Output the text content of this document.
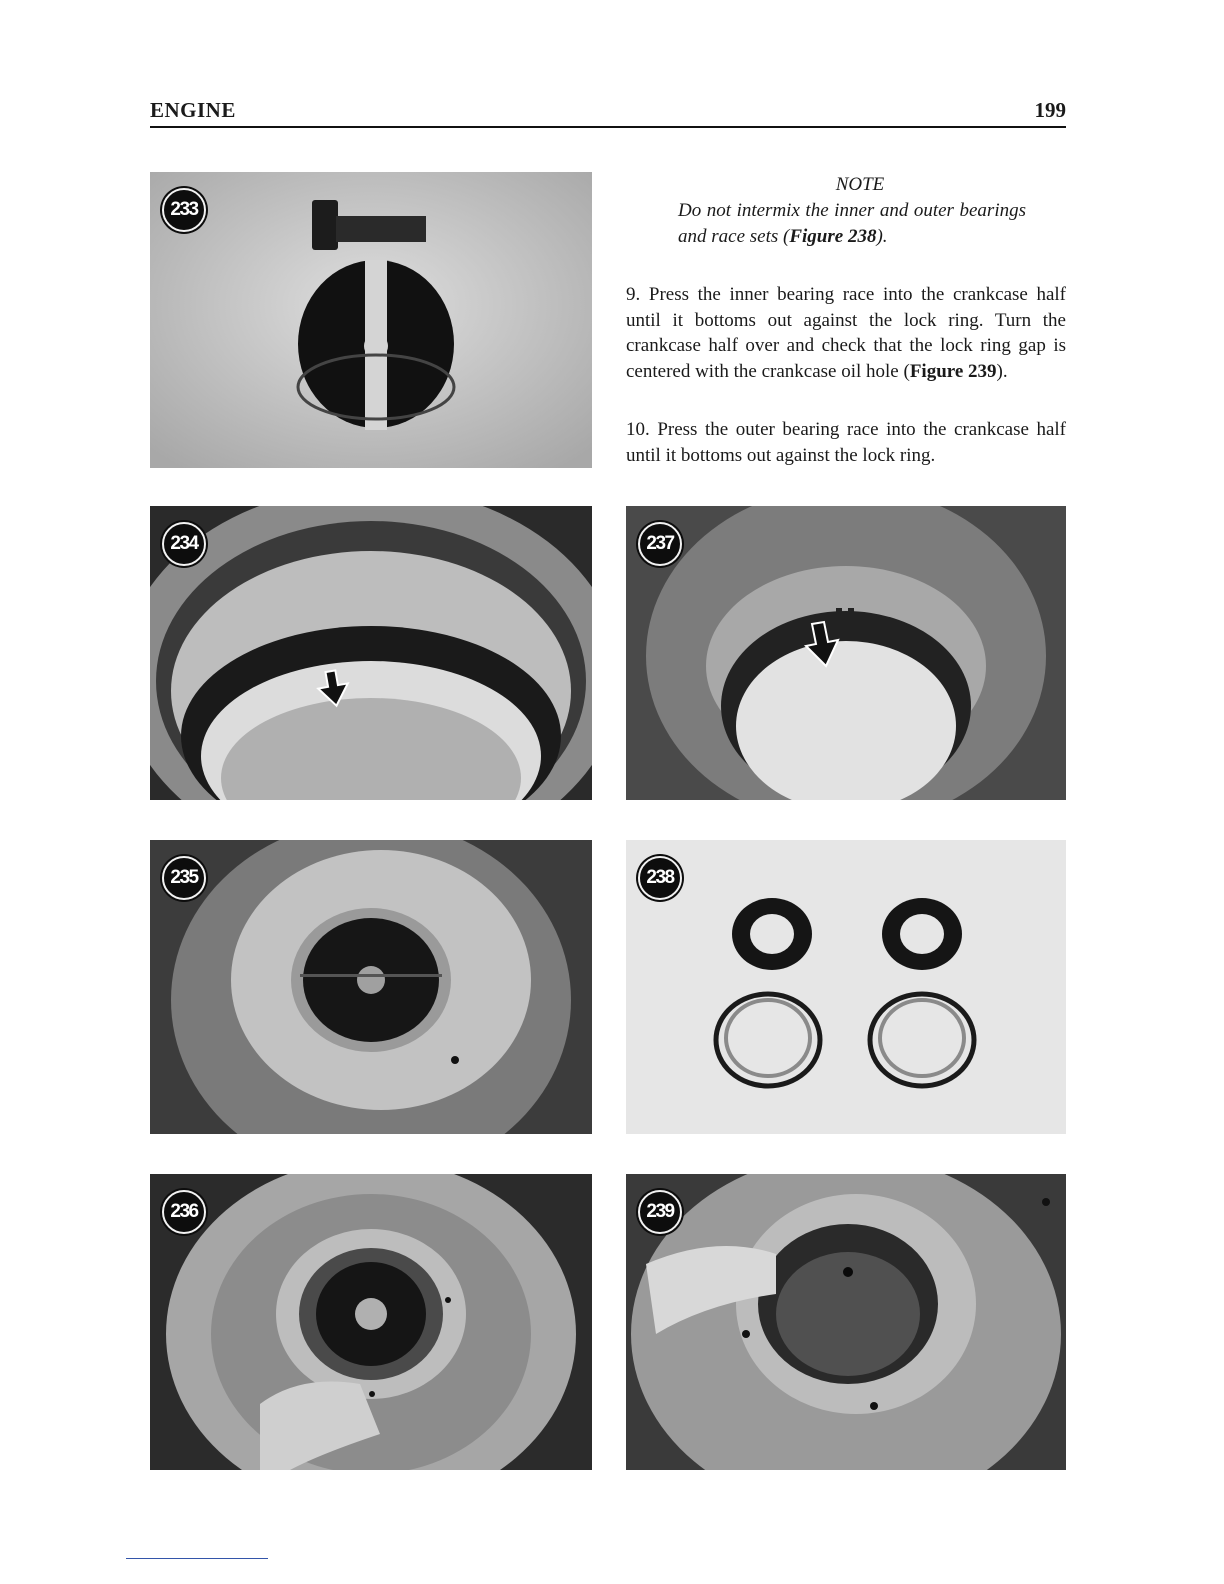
ENGINE	199
NOTE
Do not intermix the inner and outer bearings and race sets (Figure 238).
9. Press the inner bearing race into the crankcase half until it bottoms out against the lock ring. Turn the crankcase half over and check that the lock ring gap is centered with the crankcase oil hole (Figure 239).
10. Press the outer bearing race into the crankcase half until it bottoms out against the lock ring.
233
234
235
236
237
238
239
